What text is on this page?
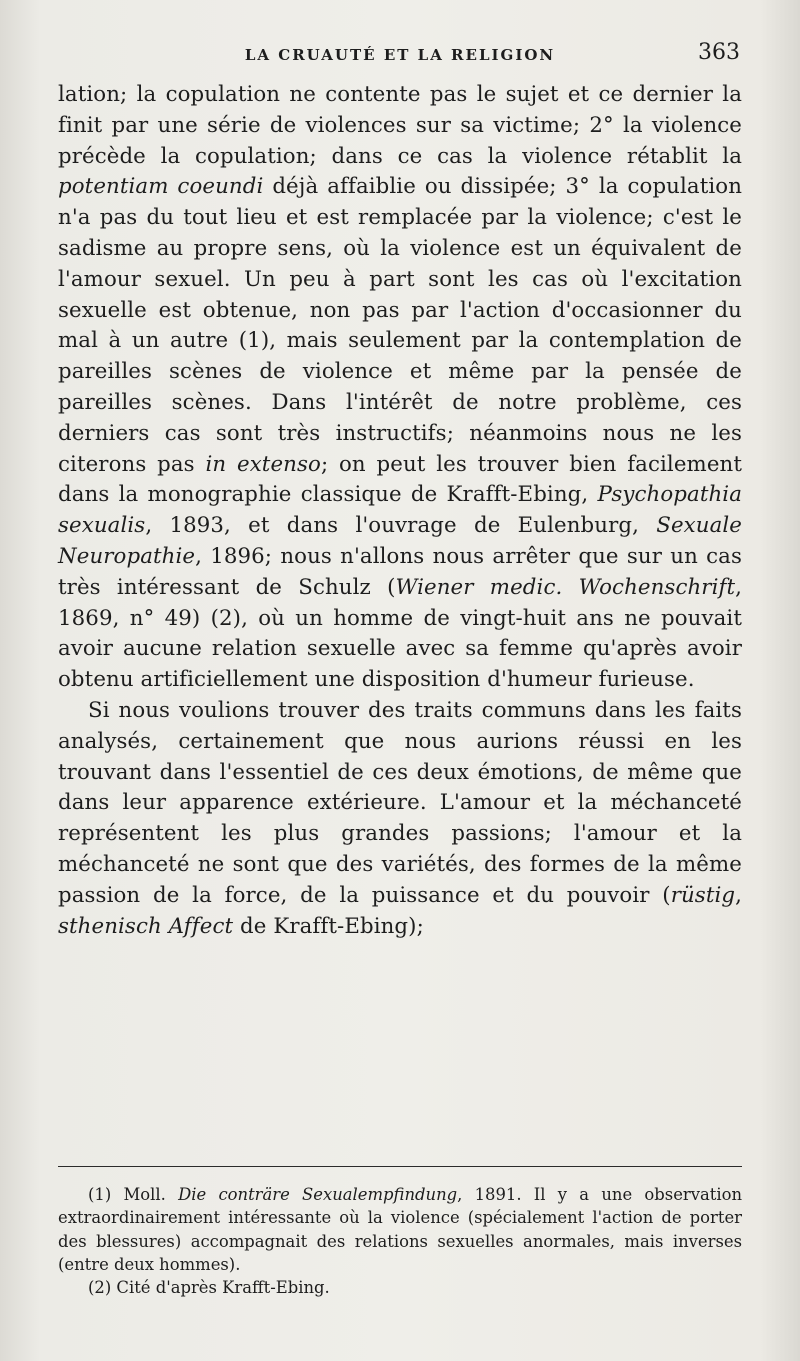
LA CRUAUTÉ ET LA RELIGION	363

lation; la copulation ne contente pas le sujet et ce dernier la finit par une série de violences sur sa victime; 2° la violence précède la copulation; dans ce cas la violence rétablit la potentiam coeundi déjà affaiblie ou dissipée; 3° la copulation n'a pas du tout lieu et est remplacée par la violence; c'est le sadisme au propre sens, où la violence est un équivalent de l'amour sexuel. Un peu à part sont les cas où l'excitation sexuelle est obtenue, non pas par l'action d'occasionner du mal à un autre (1), mais seulement par la contemplation de pareilles scènes de violence et même par la pensée de pareilles scènes. Dans l'intérêt de notre problème, ces derniers cas sont très instructifs; néanmoins nous ne les citerons pas in extenso; on peut les trouver bien facilement dans la monographie classique de Krafft-Ebing, Psychopathia sexualis, 1893, et dans l'ouvrage de Eulenburg, Sexuale Neuropathie, 1896; nous n'allons nous arrêter que sur un cas très intéressant de Schulz (Wiener medic. Wochenschrift, 1869, n° 49) (2), où un homme de vingt-huit ans ne pouvait avoir aucune relation sexuelle avec sa femme qu'après avoir obtenu artificiellement une disposition d'humeur furieuse.

Si nous voulions trouver des traits communs dans les faits analysés, certainement que nous aurions réussi en les trouvant dans l'essentiel de ces deux émotions, de même que dans leur apparence extérieure. L'amour et la méchanceté représentent les plus grandes passions; l'amour et la méchanceté ne sont que des variétés, des formes de la même passion de la force, de la puissance et du pouvoir (rüstig, sthenisch Affect de Krafft-Ebing);

(1) Moll. Die conträre Sexualempfindung, 1891. Il y a une observation extraordinairement intéressante où la violence (spécialement l'action de porter des blessures) accompagnait des relations sexuelles anormales, mais inverses (entre deux hommes).

(2) Cité d'après Krafft-Ebing.
